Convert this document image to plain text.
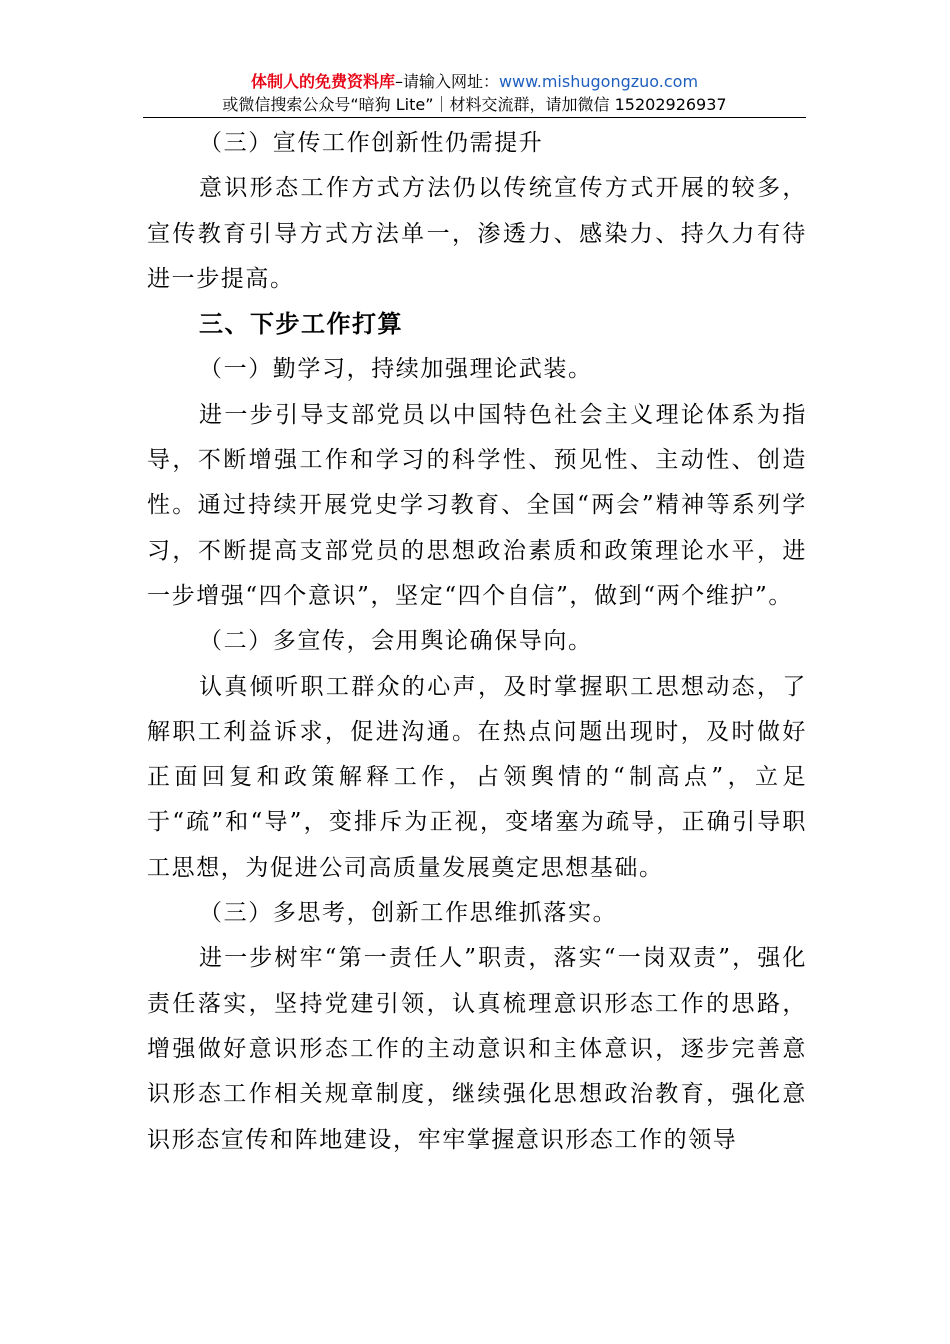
体制人的免费资料库–请输入网址：www.mishugongzuo.com
或微信搜索公众号“暗狗 Lite”｜材料交流群，请加微信 15202926937

（三）宣传工作创新性仍需提升

意识形态工作方式方法仍以传统宣传方式开展的较多，宣传教育引导方式方法单一，渗透力、感染力、持久力有待进一步提高。

三、下步工作打算

（一）勤学习，持续加强理论武装。

进一步引导支部党员以中国特色社会主义理论体系为指导，不断增强工作和学习的科学性、预见性、主动性、创造性。通过持续开展党史学习教育、全国“两会”精神等系列学习，不断提高支部党员的思想政治素质和政策理论水平，进一步增强“四个意识”，坚定“四个自信”，做到“两个维护”。

（二）多宣传，会用舆论确保导向。

认真倾听职工群众的心声，及时掌握职工思想动态，了解职工利益诉求，促进沟通。在热点问题出现时，及时做好正面回复和政策解释工作，占领舆情的“制高点”，立足于“疏”和“导”，变排斥为正视，变堵塞为疏导，正确引导职工思想，为促进公司高质量发展奠定思想基础。

（三）多思考，创新工作思维抓落实。

进一步树牢“第一责任人”职责，落实“一岗双责”，强化责任落实，坚持党建引领，认真梳理意识形态工作的思路，增强做好意识形态工作的主动意识和主体意识，逐步完善意识形态工作相关规章制度，继续强化思想政治教育，强化意识形态宣传和阵地建设，牢牢掌握意识形态工作的领导
